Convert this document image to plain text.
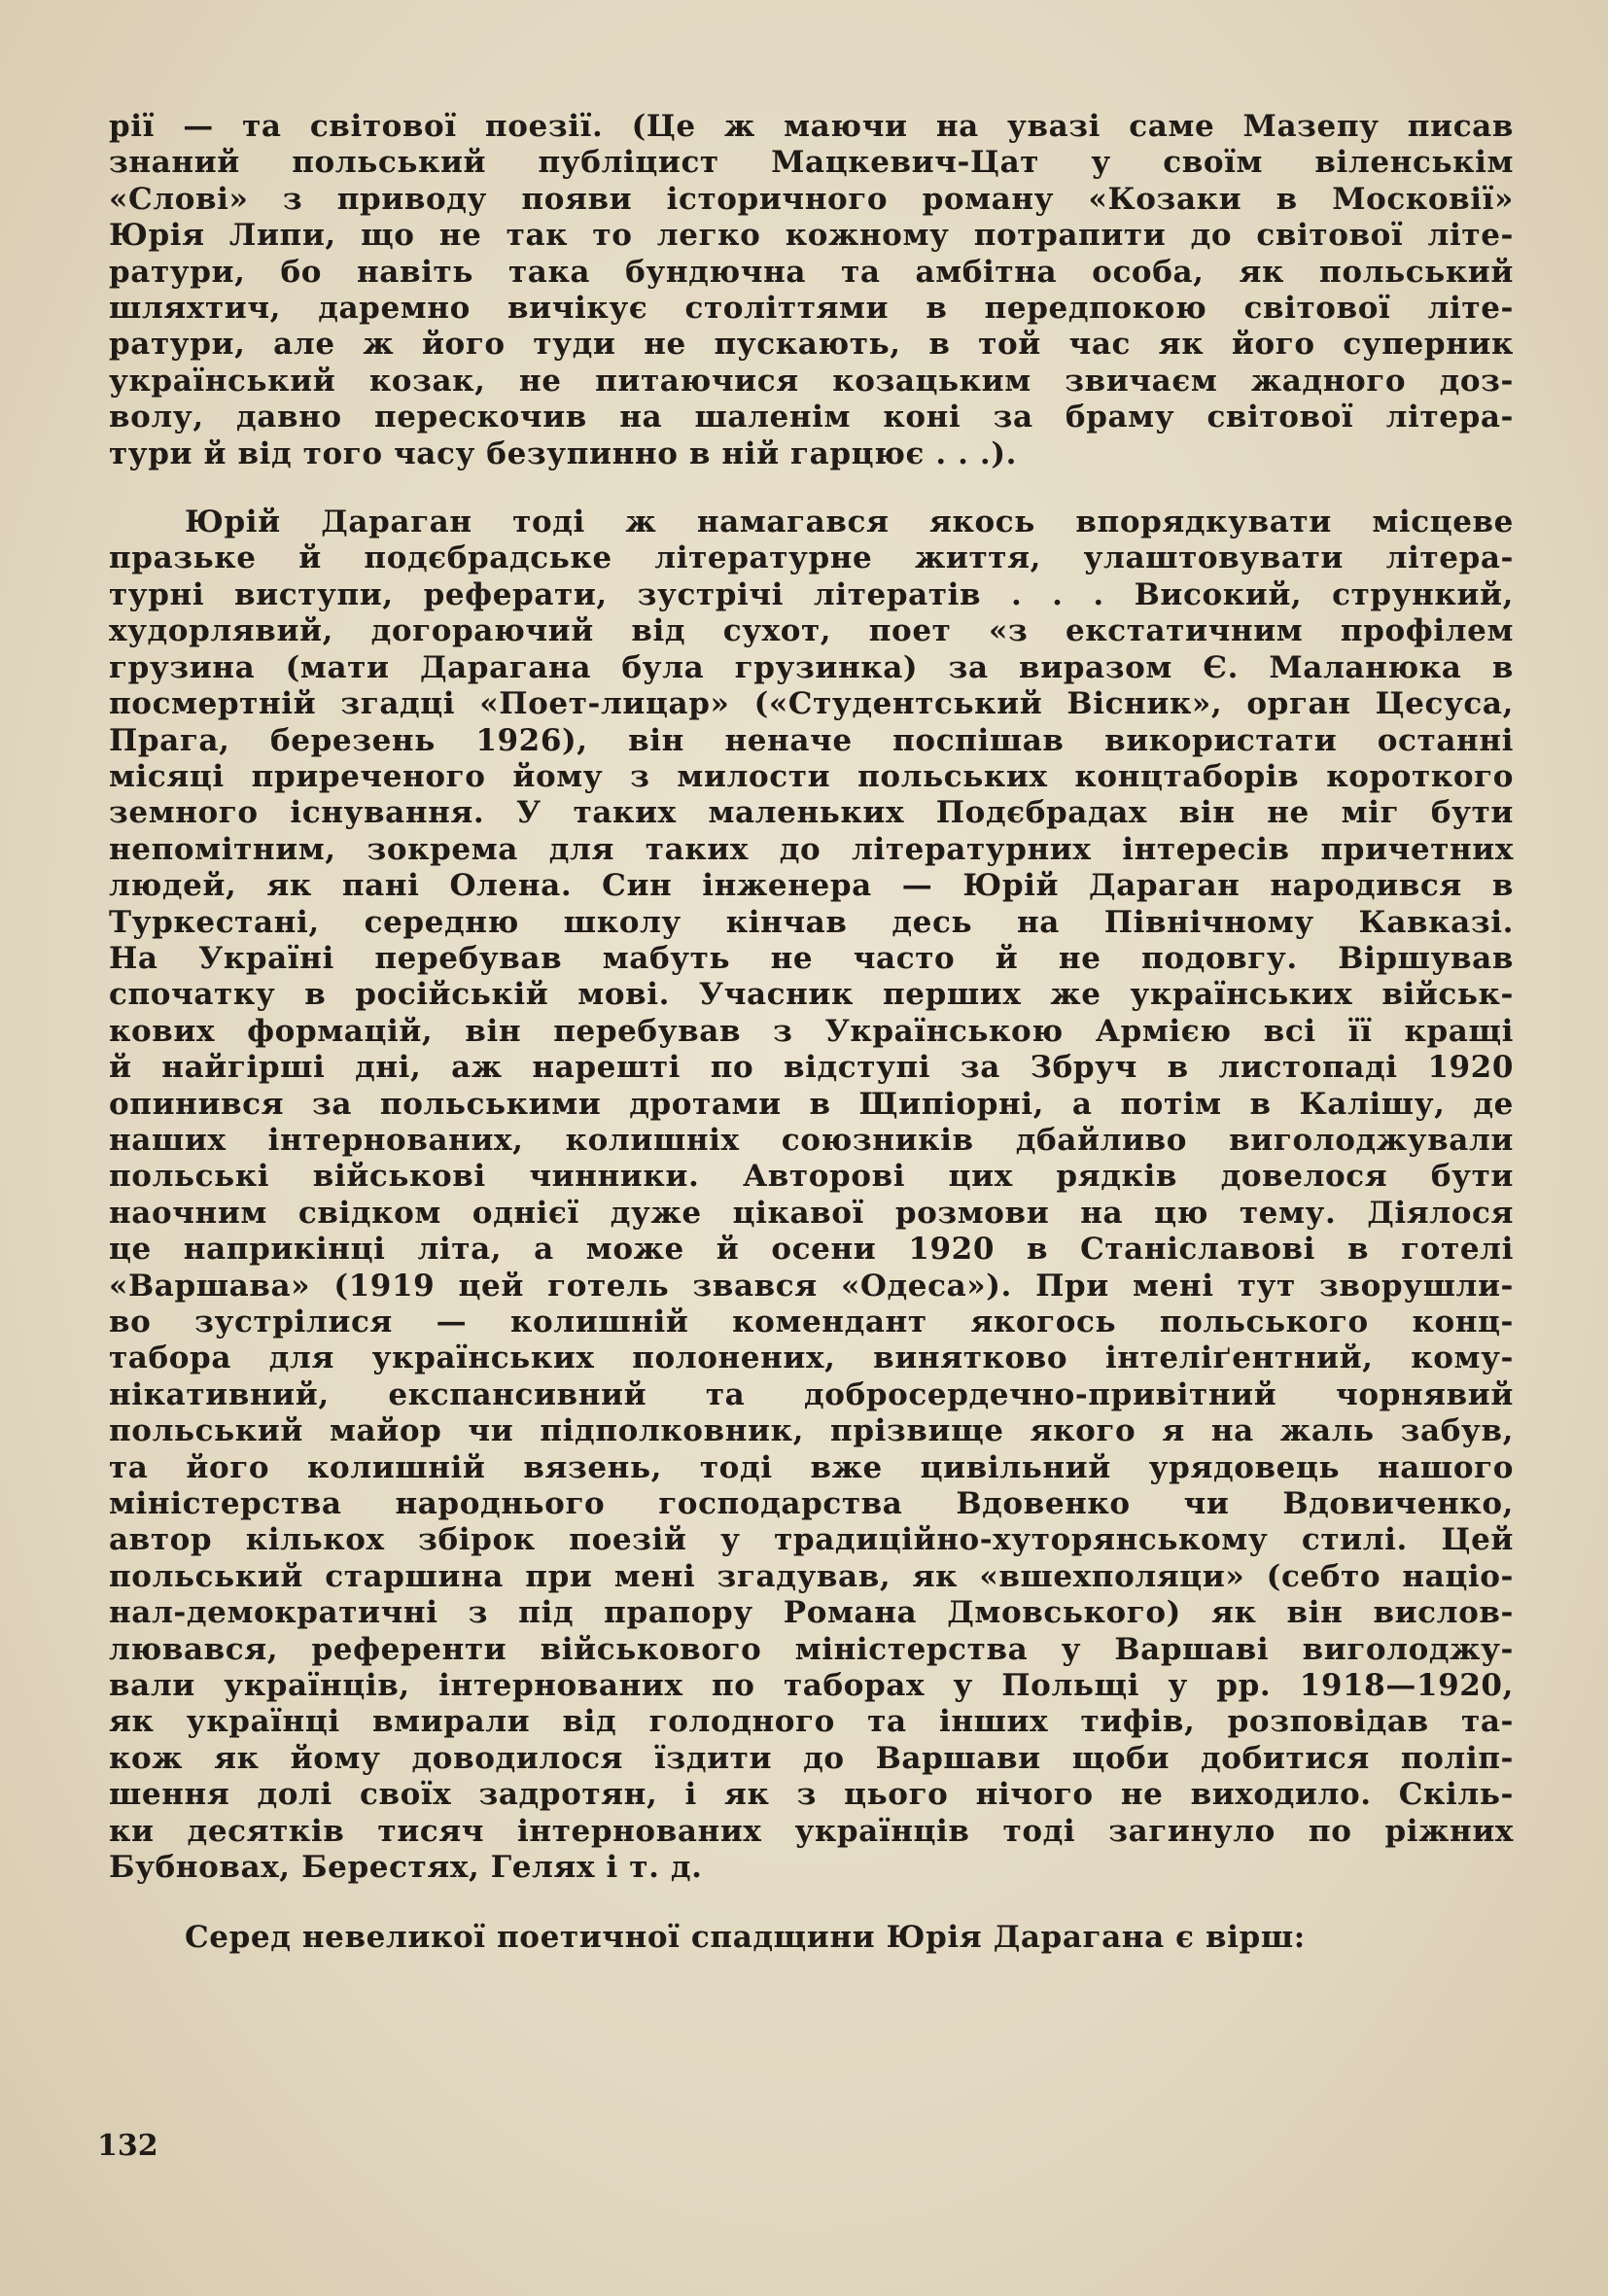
рії — та світової поезії. (Це ж маючи на увазі саме Мазепу писав
знаний польський публіцист Мацкевич-Цат у своїм віленськім
«Слові» з приводу появи історичного роману «Козаки в Московії»
Юрія Липи, що не так то легко кожному потрапити до світової літе-
ратури, бо навіть така бундючна та амбітна особа, як польський
шляхтич, даремно вичікує століттями в передпокою світової літе-
ратури, але ж його туди не пускають, в той час як його суперник
український козак, не питаючися козацьким звичаєм жадного доз-
волу, давно перескочив на шаленім коні за браму світової літера-
тури й від того часу безупинно в ній гарцює . . .).

Юрій Дараган тоді ж намагався якось впорядкувати місцеве
празьке й подєбрадське літературне життя, улаштовувати літера-
турні виступи, реферати, зустрічі літератів . . . Високий, стрункий,
худорлявий, догораючий від сухот, поет «з екстатичним профілем
грузина (мати Дарагана була грузинка) за виразом Є. Маланюка в
посмертній згадці «Поет-лицар» («Студентський Вісник», орган Цесуса,
Прага, березень 1926), він неначе поспішав використати останні
місяці приреченого йому з милости польських концтаборів короткого
земного існування. У таких маленьких Подєбрадах він не міг бути
непомітним, зокрема для таких до літературних інтересів причетних
людей, як пані Олена. Син інженера — Юрій Дараган народився в
Туркестані, середню школу кінчав десь на Північному Кавказі.
На Україні перебував мабуть не часто й не подовгу. Віршував
спочатку в російській мові. Учасник перших же українських військ-
кових формацій, він перебував з Українською Армією всі її кращі
й найгірші дні, аж нарешті по відступі за Збруч в листопаді 1920
опинився за польськими дротами в Щипіорні, а потім в Калішу, де
наших інтернованих, колишніх союзників дбайливо виголоджували
польські військові чинники. Авторові цих рядків довелося бути
наочним свідком однієї дуже цікавої розмови на цю тему. Діялося
це наприкінці літа, а може й осени 1920 в Станіславові в готелі
«Варшава» (1919 цей готель звався «Одеса»). При мені тут зворушли-
во зустрілися — колишній комендант якогось польського конц-
табора для українських полонених, винятково інтеліґентний, кому-
нікативний, експансивний та добросердечно-привітний чорнявий
польський майор чи підполковник, прізвище якого я на жаль забув,
та його колишній вязень, тоді вже цивільний урядовець нашого
міністерства народнього господарства Вдовенко чи Вдовиченко,
автор кількох збірок поезій у традиційно-хуторянському стилі. Цей
польський старшина при мені згадував, як «вшехполяци» (себто націо-
нал-демократичні з під прапору Романа Дмовського) як він вислов-
лювався, референти військового міністерства у Варшаві виголоджу-
вали українців, інтернованих по таборах у Польщі у рр. 1918—1920,
як українці вмирали від голодного та інших тифів, розповідав та-
кож як йому доводилося їздити до Варшави щоби добитися поліп-
шення долі своїх задротян, і як з цього нічого не виходило. Скіль-
ки десятків тисяч інтернованих українців тоді загинуло по ріжних
Бубновах, Берестях, Гелях і т. д.

Серед невеликої поетичної спадщини Юрія Дарагана є вірш:

132
